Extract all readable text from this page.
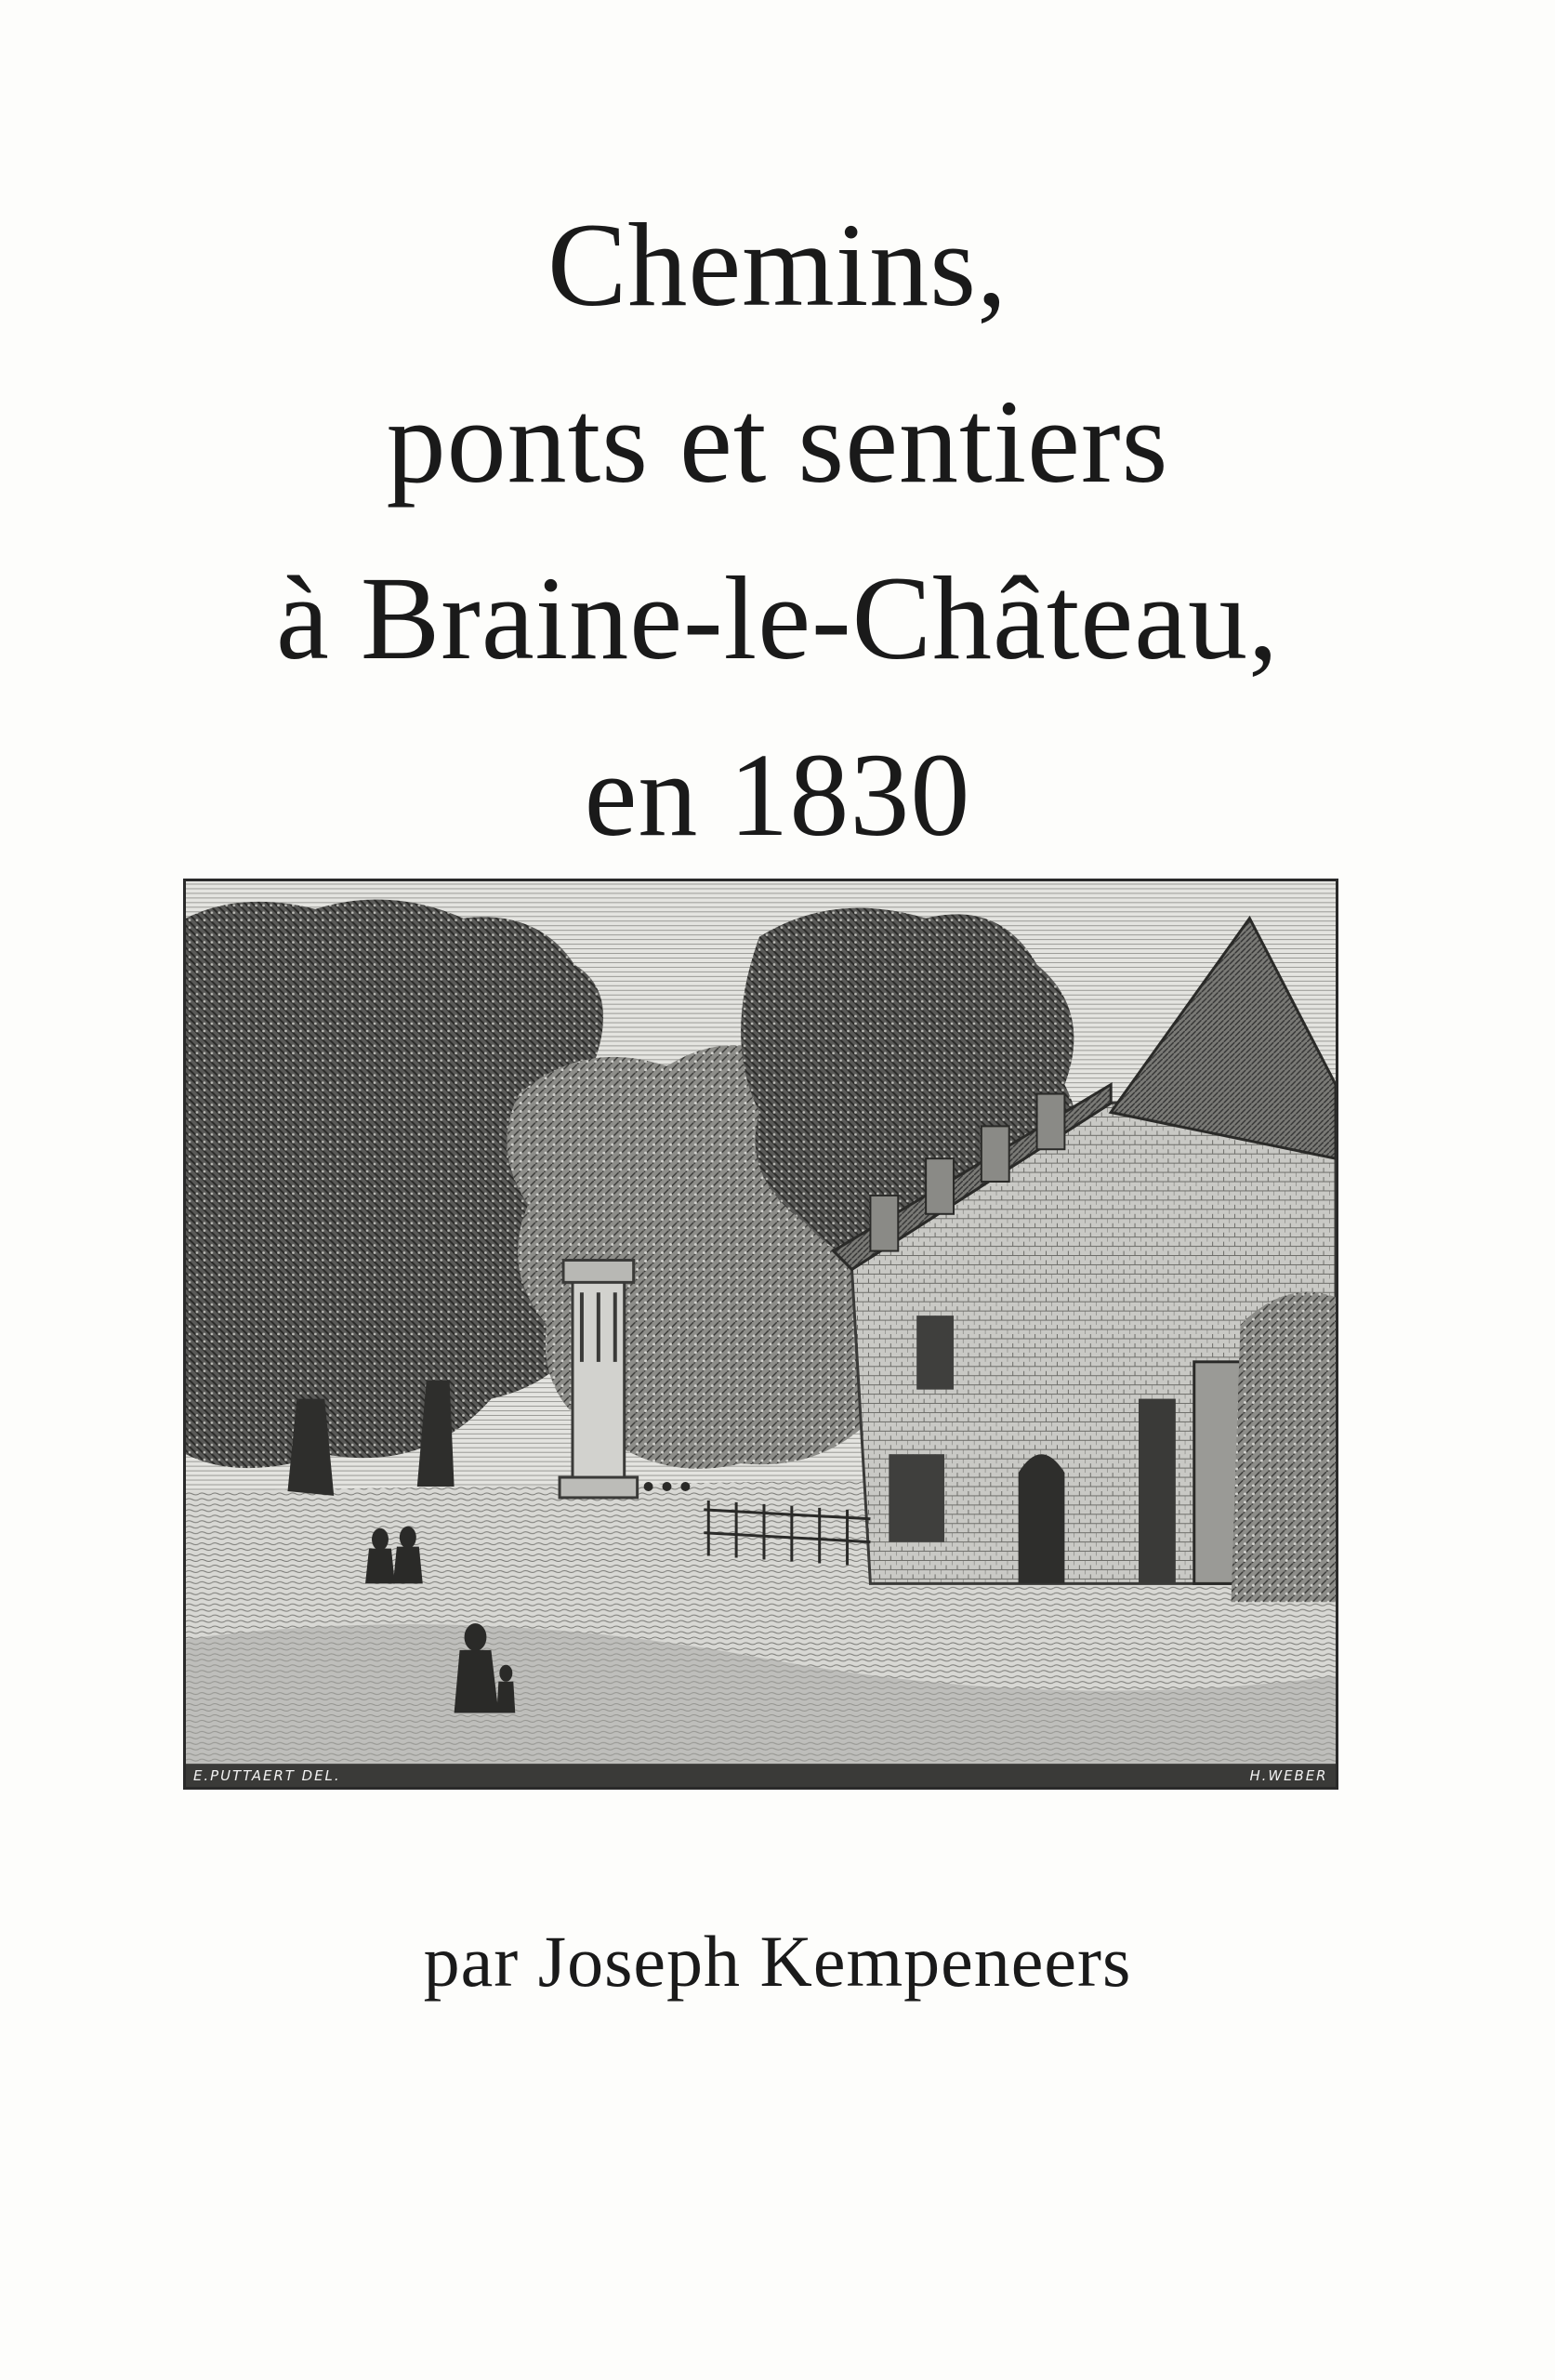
Chemins,
ponts et sentiers
à Braine-le-Château,
en 1830
E.PUTTAERT DEL.	H.WEBER
par Joseph Kempeneers
